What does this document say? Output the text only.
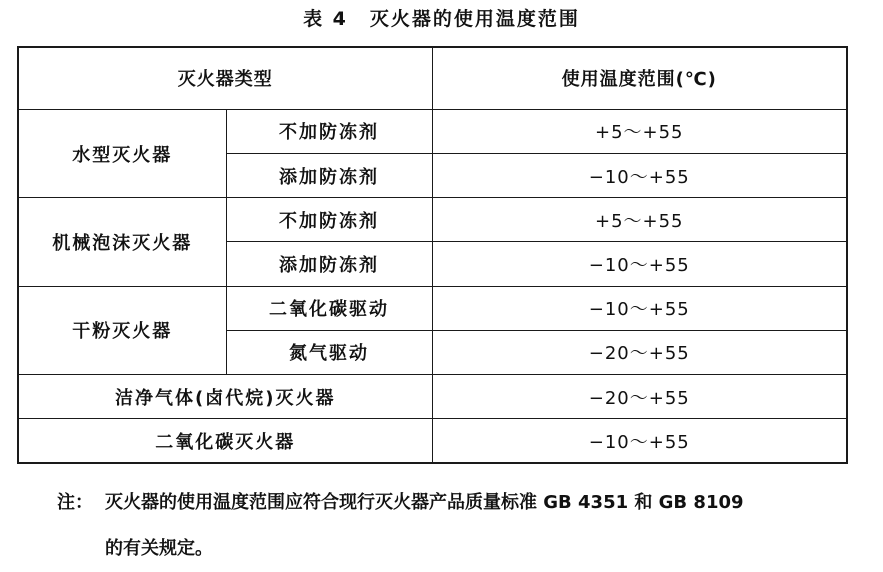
表 4 灭火器的使用温度范围
灭火器类型		使用温度范围(℃)
水型灭火器	不加防冻剂	+5～+55
	添加防冻剂	−10～+55
机械泡沫灭火器	不加防冻剂	+5～+55
	添加防冻剂	−10～+55
干粉灭火器	二氧化碳驱动	−10～+55
	氮气驱动	−20～+55
洁净气体(卤代烷)灭火器		−20～+55
二氧化碳灭火器		−10～+55
注： 灭火器的使用温度范围应符合现行灭火器产品质量标准 GB 4351 和 GB 8109
的有关规定。
